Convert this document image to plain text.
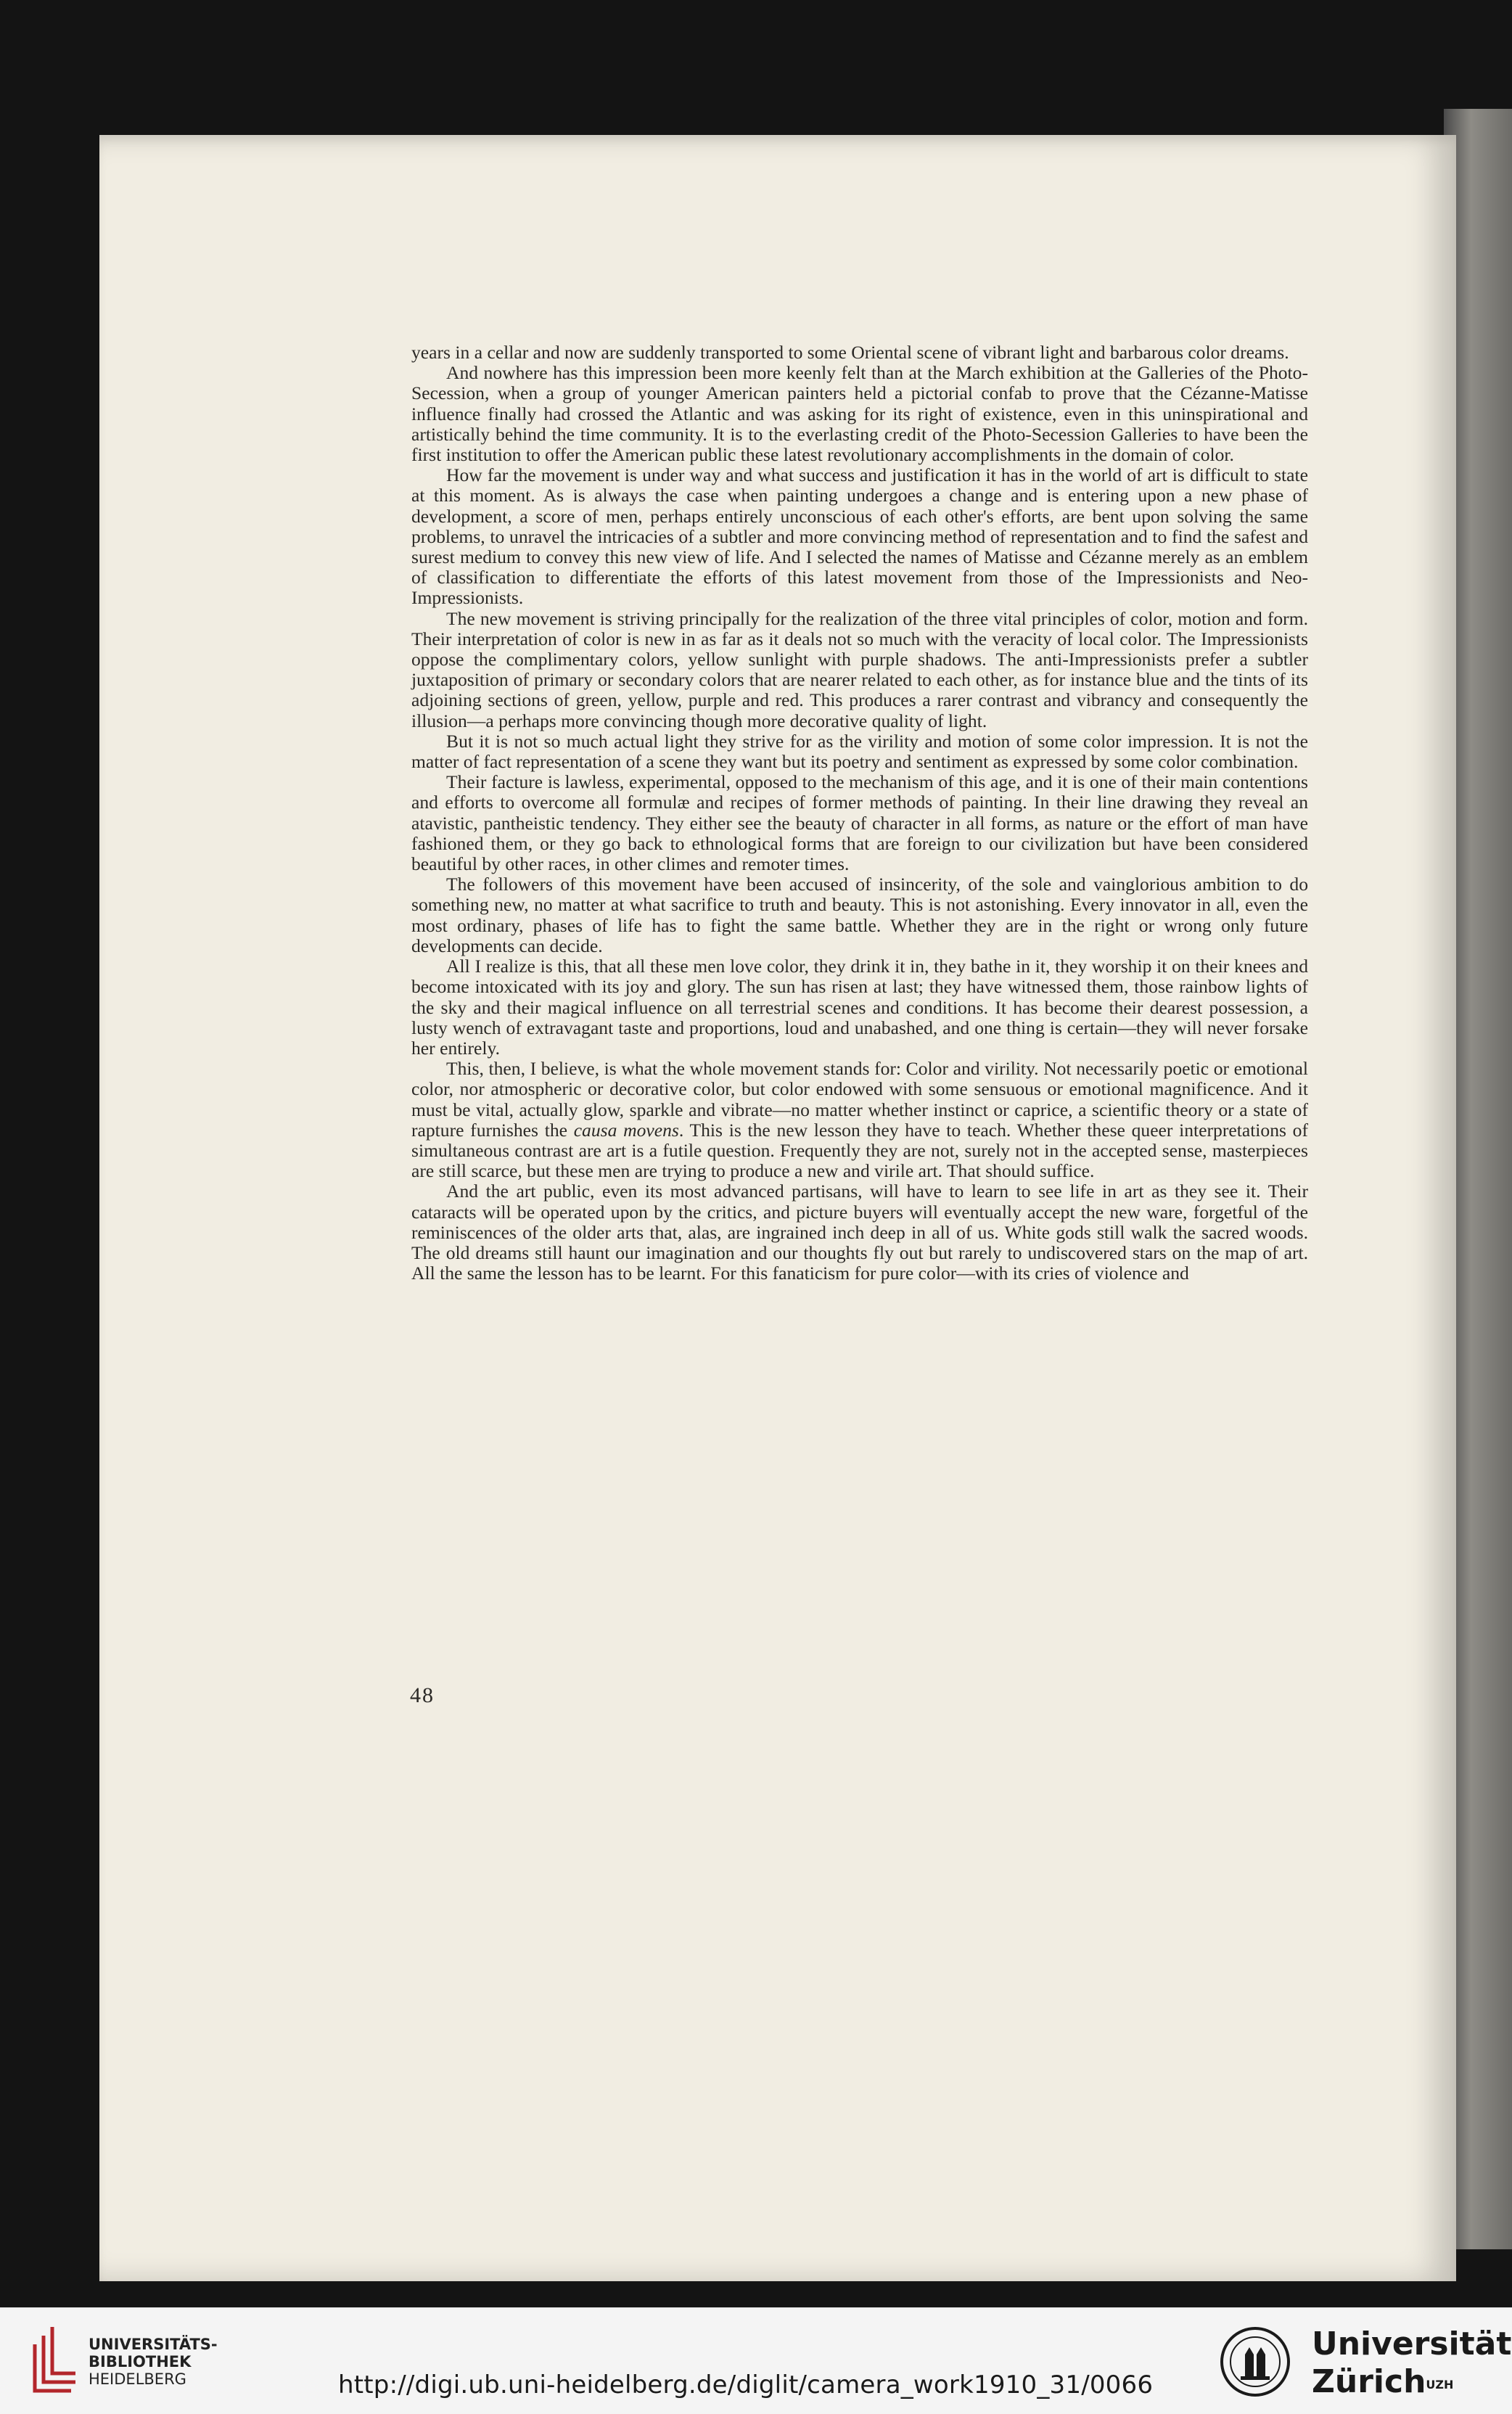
years in a cellar and now are suddenly transported to some Oriental scene of vibrant light and barbarous color dreams.

And nowhere has this impression been more keenly felt than at the March exhibition at the Galleries of the Photo-Secession, when a group of younger American painters held a pictorial confab to prove that the Cézanne-Matisse influence finally had crossed the Atlantic and was asking for its right of existence, even in this uninspirational and artistically behind the time community. It is to the everlasting credit of the Photo-Secession Galleries to have been the first institution to offer the American public these latest revolutionary accomplishments in the domain of color.

How far the movement is under way and what success and justification it has in the world of art is difficult to state at this moment. As is always the case when painting undergoes a change and is entering upon a new phase of development, a score of men, perhaps entirely unconscious of each other's efforts, are bent upon solving the same problems, to unravel the intricacies of a subtler and more convincing method of representation and to find the safest and surest medium to convey this new view of life. And I selected the names of Matisse and Cézanne merely as an emblem of classification to differentiate the efforts of this latest movement from those of the Impressionists and Neo-Impressionists.

The new movement is striving principally for the realization of the three vital principles of color, motion and form. Their interpretation of color is new in as far as it deals not so much with the veracity of local color. The Impressionists oppose the complimentary colors, yellow sunlight with purple shadows. The anti-Impressionists prefer a subtler juxtaposition of primary or secondary colors that are nearer related to each other, as for instance blue and the tints of its adjoining sections of green, yellow, purple and red. This produces a rarer contrast and vibrancy and consequently the illusion—a perhaps more convincing though more decorative quality of light.

But it is not so much actual light they strive for as the virility and motion of some color impression. It is not the matter of fact representation of a scene they want but its poetry and sentiment as expressed by some color combination.

Their facture is lawless, experimental, opposed to the mechanism of this age, and it is one of their main contentions and efforts to overcome all formulæ and recipes of former methods of painting. In their line drawing they reveal an atavistic, pantheistic tendency. They either see the beauty of character in all forms, as nature or the effort of man have fashioned them, or they go back to ethnological forms that are foreign to our civilization but have been considered beautiful by other races, in other climes and remoter times.

The followers of this movement have been accused of insincerity, of the sole and vainglorious ambition to do something new, no matter at what sacrifice to truth and beauty. This is not astonishing. Every innovator in all, even the most ordinary, phases of life has to fight the same battle. Whether they are in the right or wrong only future developments can decide.

All I realize is this, that all these men love color, they drink it in, they bathe in it, they worship it on their knees and become intoxicated with its joy and glory. The sun has risen at last; they have witnessed them, those rainbow lights of the sky and their magical influence on all terrestrial scenes and conditions. It has become their dearest possession, a lusty wench of extravagant taste and proportions, loud and unabashed, and one thing is certain—they will never forsake her entirely.

This, then, I believe, is what the whole movement stands for: Color and virility. Not necessarily poetic or emotional color, nor atmospheric or decorative color, but color endowed with some sensuous or emotional magnificence. And it must be vital, actually glow, sparkle and vibrate—no matter whether instinct or caprice, a scientific theory or a state of rapture furnishes the causa movens. This is the new lesson they have to teach. Whether these queer interpretations of simultaneous contrast are art is a futile question. Frequently they are not, surely not in the accepted sense, masterpieces are still scarce, but these men are trying to produce a new and virile art. That should suffice.

And the art public, even its most advanced partisans, will have to learn to see life in art as they see it. Their cataracts will be operated upon by the critics, and picture buyers will eventually accept the new ware, forgetful of the reminiscences of the older arts that, alas, are ingrained inch deep in all of us. White gods still walk the sacred woods. The old dreams still haunt our imagination and our thoughts fly out but rarely to undiscovered stars on the map of art. All the same the lesson has to be learnt. For this fanaticism for pure color—with its cries of violence and

48
UNIVERSITÄTS-
BIBLIOTHEK
HEIDELBERG	http://digi.ub.uni-heidelberg.de/diglit/camera_work1910_31/0066
Universität
Zürich$^{UZH}$
